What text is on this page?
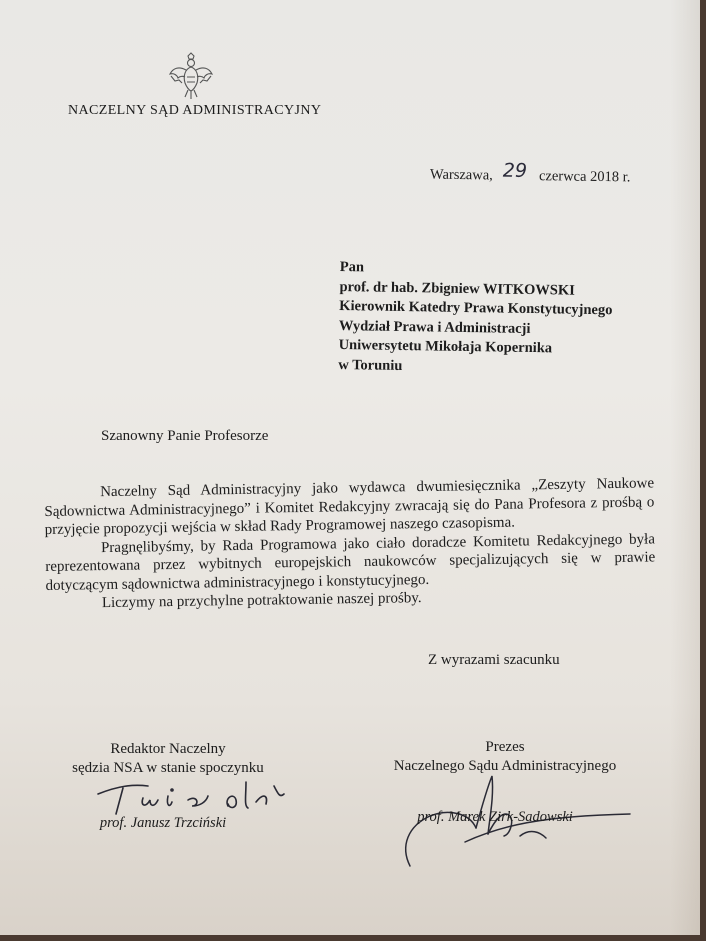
NACZELNY SĄD ADMINISTRACYJNY
Warszawa, 29 czerwca 2018 r.
Pan
prof. dr hab. Zbigniew WITKOWSKI
Kierownik Katedry Prawa Konstytucyjnego
Wydział Prawa i Administracji
Uniwersytetu Mikołaja Kopernika
w Toruniu
Szanowny Panie Profesorze

Naczelny Sąd Administracyjny jako wydawca dwumiesięcznika „Zeszyty Naukowe Sądownictwa Administracyjnego” i Komitet Redakcyjny zwracają się do Pana Profesora z prośbą o przyjęcie propozycji wejścia w skład Rady Programowej naszego czasopisma.

Pragnęlibyśmy, by Rada Programowa jako ciało doradcze Komitetu Redakcyjnego była reprezentowana przez wybitnych europejskich naukowców specjalizujących się w prawie dotyczącym sądownictwa administracyjnego i konstytucyjnego.

Liczymy na przychylne potraktowanie naszej prośby.

Z wyrazami szacunku
Redaktor Naczelny
sędzia NSA w stanie spoczynku
prof. Janusz Trzciński
Prezes
Naczelnego Sądu Administracyjnego
prof. Marek Zirk-Sadowski
